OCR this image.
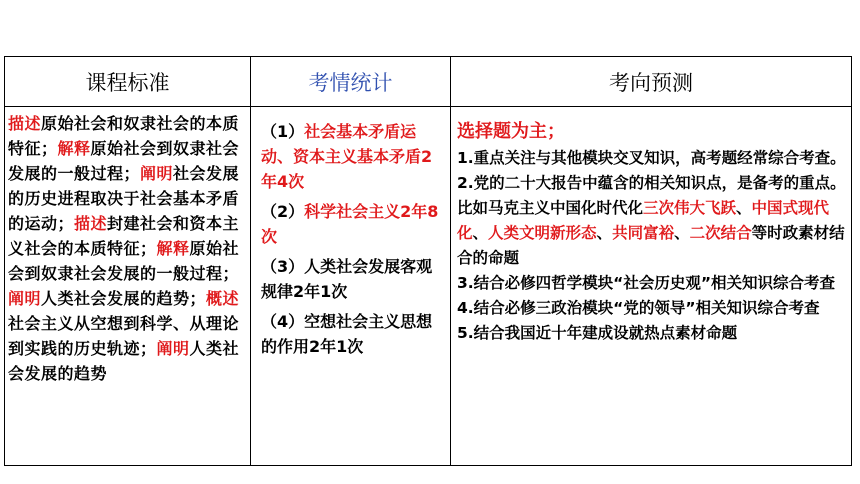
课程标准

描述原始社会和奴隶社会的本质特征；解释原始社会到奴隶社会发展的一般过程；阐明社会发展的历史进程取决于社会基本矛盾的运动；描述封建社会和资本主义社会的本质特征；解释原始社会到奴隶社会发展的一般过程；阐明人类社会发展的趋势；概述社会主义从空想到科学、从理论到实践的历史轨迹；阐明人类社会发展的趋势

考情统计
（1）社会基本矛盾运动、资本主义基本矛盾2年4次
（2）科学社会主义2年8次
（3）人类社会发展客观规律2年1次
（4）空想社会主义思想的作用2年1次
考向预测
选择题为主；
1.重点关注与其他模块交叉知识，高考题经常综合考查。
2.党的二十大报告中蕴含的相关知识点，是备考的重点。比如马克主义中国化时代化三次伟大飞跃、中国式现代化、人类文明新形态、共同富裕、二次结合等时政素材结合的命题
3.结合必修四哲学模块“社会历史观”相关知识综合考查
4.结合必修三政治模块“党的领导”相关知识综合考查
5.结合我国近十年建成设就热点素材命题
